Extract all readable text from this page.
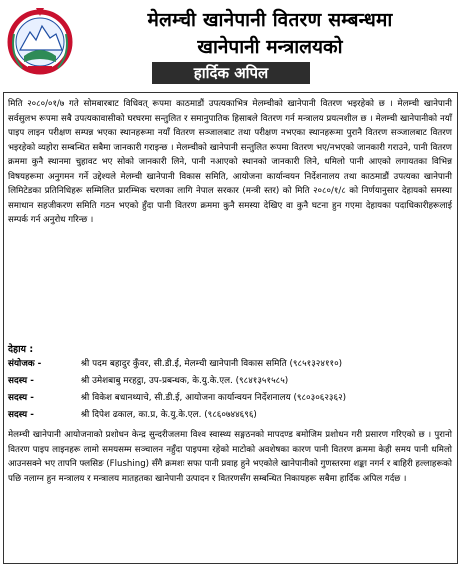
मेलम्ची खानेपानी वितरण सम्बन्धमा
खानेपानी मन्त्रालयको
हार्दिक अपिल
मिति २०८०/०१/७ गते सोमबारबाट विधिवत् रूपमा काठमाडौं उपत्यकाभित्र मेलम्चीको खानेपानी वितरण भइरहेको छ । मेलम्ची खानेपानी सर्वसुलभ रूपमा सबै उपत्यकावासीको घरघरमा सन्तुलित र समानुपातिक हिसाबले वितरण गर्न मन्त्रालय प्रयत्नशील छ । मेलम्ची खानेपानीको नयाँ पाइप लाइन परीक्षण सम्पन्न भएका स्थानहरूमा नयाँ वितरण सञ्जालबाट तथा परीक्षण नभएका स्थानहरूमा पुरानै वितरण सञ्जालबाट वितरण भइरहेको व्यहोरा सम्बन्धित सबैमा जानकारी गराइन्छ । मेलम्चीको खानेपानी सन्तुलित रूपमा वितरण भए/नभएको जानकारी गराउने, पानी वितरण क्रममा कुनै स्थानमा चुहावट भए सोको जानकारी लिने, पानी नआएको स्थानको जानकारी लिने, धमिलो पानी आएको लगायतका विभिन्न विषयहरूमा अनुगमन गर्ने उद्देश्यले मेलम्ची खानेपानी विकास समिति, आयोजना कार्यान्वयन निर्देशनालय तथा काठमाडौं उपत्यका खानेपानी लिमिटेडका प्रतिनिधिहरू सम्मिलित प्रारम्भिक चरणका लागि नेपाल सरकार (मन्त्री स्तर) को मिति २०८०/१/८ को निर्णयानुसार देहायको समस्या समाधान सहजीकरण समिति गठन भएको हुँदा पानी वितरण क्रममा कुनै समस्या देखिए वा कुनै घटना हुन गएमा देहायका पदाधिकारीहरूलाई सम्पर्क गर्न अनुरोध गरिन्छ ।
देहाय :
संयोजक -	श्री पदम बहादुर कुँवर, सी.डी.ई, मेलम्ची खानेपानी विकास समिति (९८५१३२४११०)
सदस्य -	श्री उमेशबाबु मरहट्ठा, उप-प्रबन्धक, के.यु.के.एल. (९८४१३५१५८५)
सदस्य -	श्री विकेश बधानथ्याचे, सी.डी.ई, आयोजना कार्यान्वयन निर्देशनालय (९८०३०६२३६२)
सदस्य -	श्री दिपेश ढकाल, का.प्र, के.यु.के.एल. (९८६०७४४६९६)
मेलम्ची खानेपानी आयोजनाको प्रशोधन केन्द्र सुन्दरीजलमा विश्व स्वास्थ्य सङ्गठनको मापदण्ड बमोजिम प्रशोधन गरी प्रसारण गरिएको छ । पुरानो वितरण पाइप लाइनहरू लामो समयसम्म सञ्चालन नहुँदा पाइपमा रहेको माटोको अवशेषका कारण पानी वितरण क्रममा केही समय पानी धमिलो आउनसक्ने भए तापनि फ्लसिङ (Flushing) सँगै क्रमशः सफा पानी प्रवाह हुने भएकोले खानेपानीको गुणस्तरमा शङ्का नगर्न र बाहिरी हल्लाहरूको पछि नलाग्न हुन मन्त्रालय र मन्त्रालय मातहतका खानेपानी उत्पादन र वितरणसँग सम्बन्धित निकायहरू सबैमा हार्दिक अपिल गर्दछ ।
